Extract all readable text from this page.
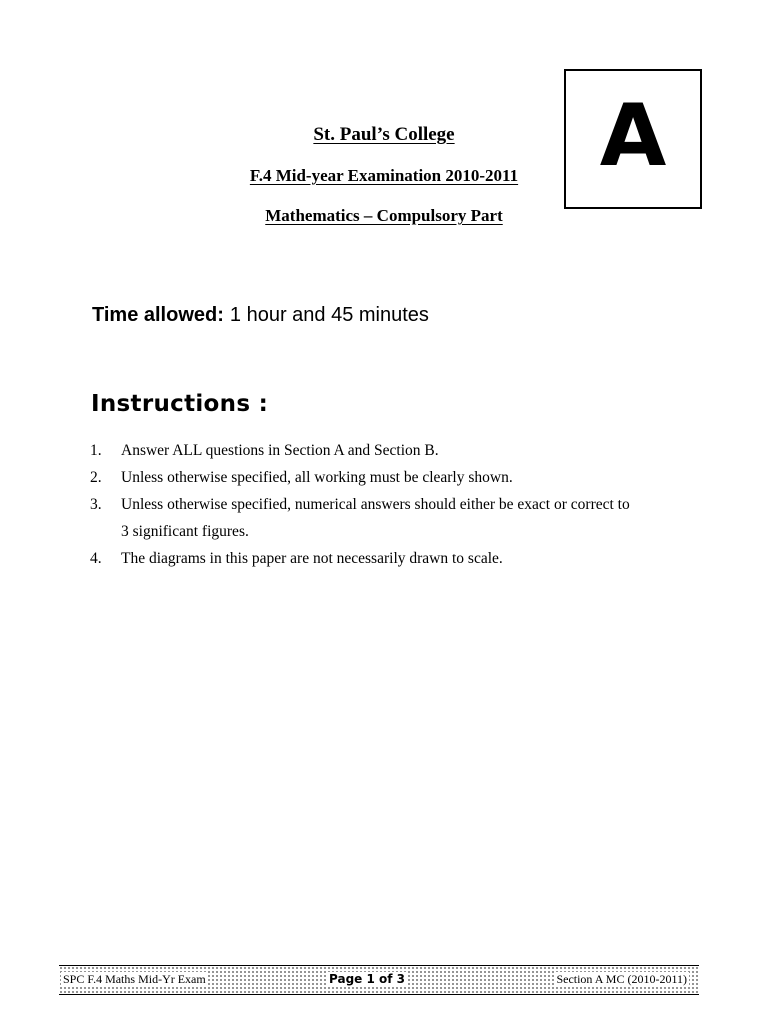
A
St. Paul’s College
F.4 Mid-year Examination 2010-2011
Mathematics – Compulsory Part
Time allowed: 1 hour and 45 minutes
Instructions :
1.	Answer ALL questions in Section A and Section B.
2.	Unless otherwise specified, all working must be clearly shown.
3.	Unless otherwise specified, numerical answers should either be exact or correct to 3 significant figures.
4.	The diagrams in this paper are not necessarily drawn to scale.
SPC F.4 Maths Mid-Yr Exam	Page 1 of 3	Section A MC (2010-2011)
